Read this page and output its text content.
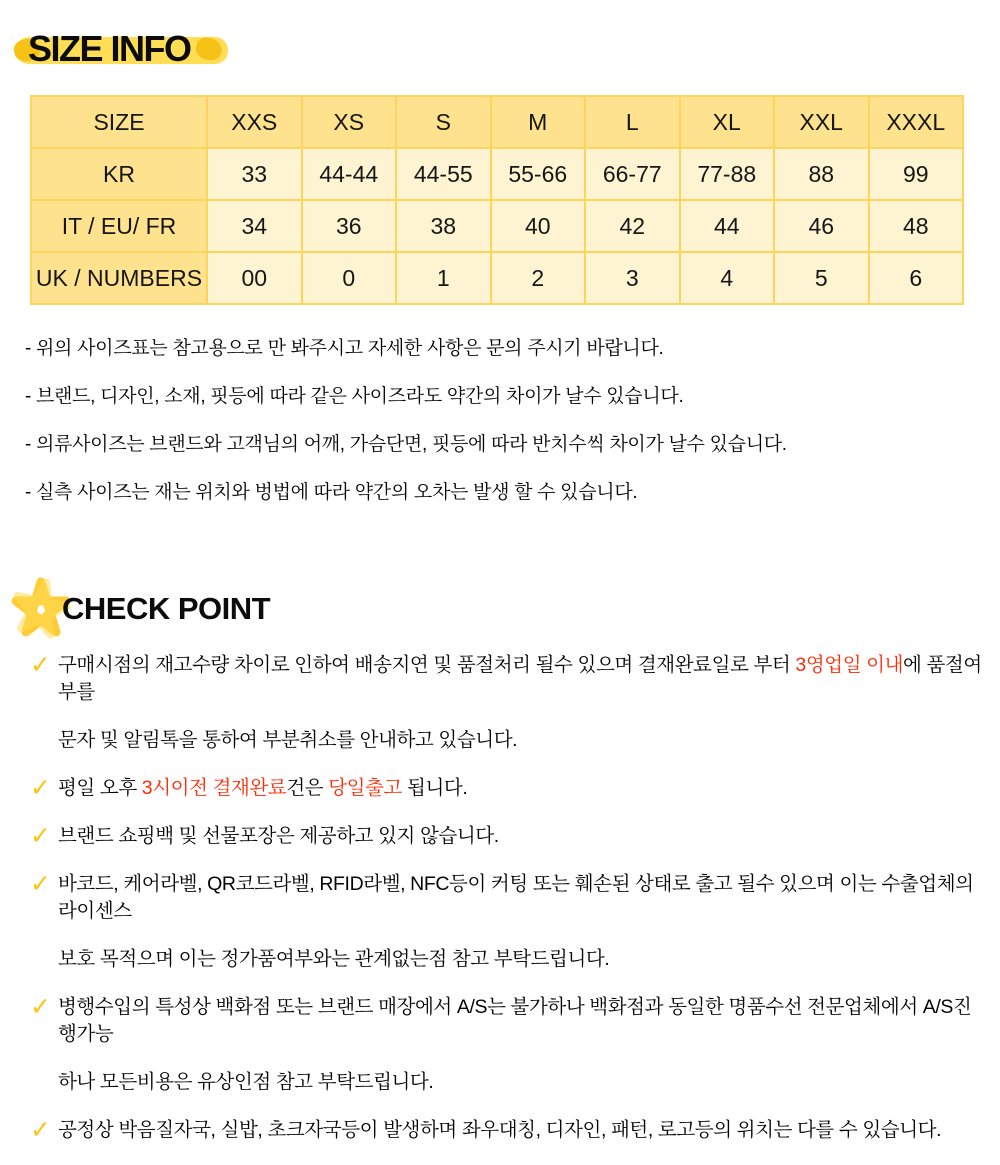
SIZE INFO
SIZE	XXS	XS	S	M	L	XL	XXL	XXXL
KR	33	44-44	44-55	55-66	66-77	77-88	88	99
IT / EU/ FR	34	36	38	40	42	44	46	48
UK / NUMBERS	00	0	1	2	3	4	5	6
- 위의 사이즈표는 참고용으로 만 봐주시고 자세한 사항은 문의 주시기 바랍니다.
- 브랜드, 디자인, 소재, 핏등에 따라 같은 사이즈라도 약간의 차이가 날수 있습니다.
- 의류사이즈는 브랜드와 고객님의 어깨, 가슴단면, 핏등에 따라 반치수씩 차이가 날수 있습니다.
- 실측 사이즈는 재는 위치와 벙법에 따라 약간의 오차는 발생 할 수 있습니다.
CHECK POINT
✓ 구매시점의 재고수량 차이로 인하여 배송지연 및 품절처리 될수 있으며 결재완료일로 부터 3영업일 이내에 품절여부를
문자 및 알림톡을 통하여 부분취소를 안내하고 있습니다.
✓ 평일 오후 3시이전 결재완료건은 당일출고 됩니다.
✓ 브랜드 쇼핑백 및 선물포장은 제공하고 있지 않습니다.
✓ 바코드, 케어라벨, QR코드라벨, RFID라벨, NFC등이 커팅 또는 훼손된 상태로 출고 될수 있으며 이는 수출업체의 라이센스
보호 목적으며 이는 정가품여부와는 관계없는점 참고 부탁드립니다.
✓ 병행수입의 특성상 백화점 또는 브랜드 매장에서 A/S는 불가하나 백화점과 동일한 명품수선 전문업체에서 A/S진행가능
하나 모든비용은 유상인점 참고 부탁드립니다.
✓ 공정상 박음질자국, 실밥, 초크자국등이 발생하며 좌우대칭, 디자인, 패턴, 로고등의 위치는 다를 수 있습니다.
